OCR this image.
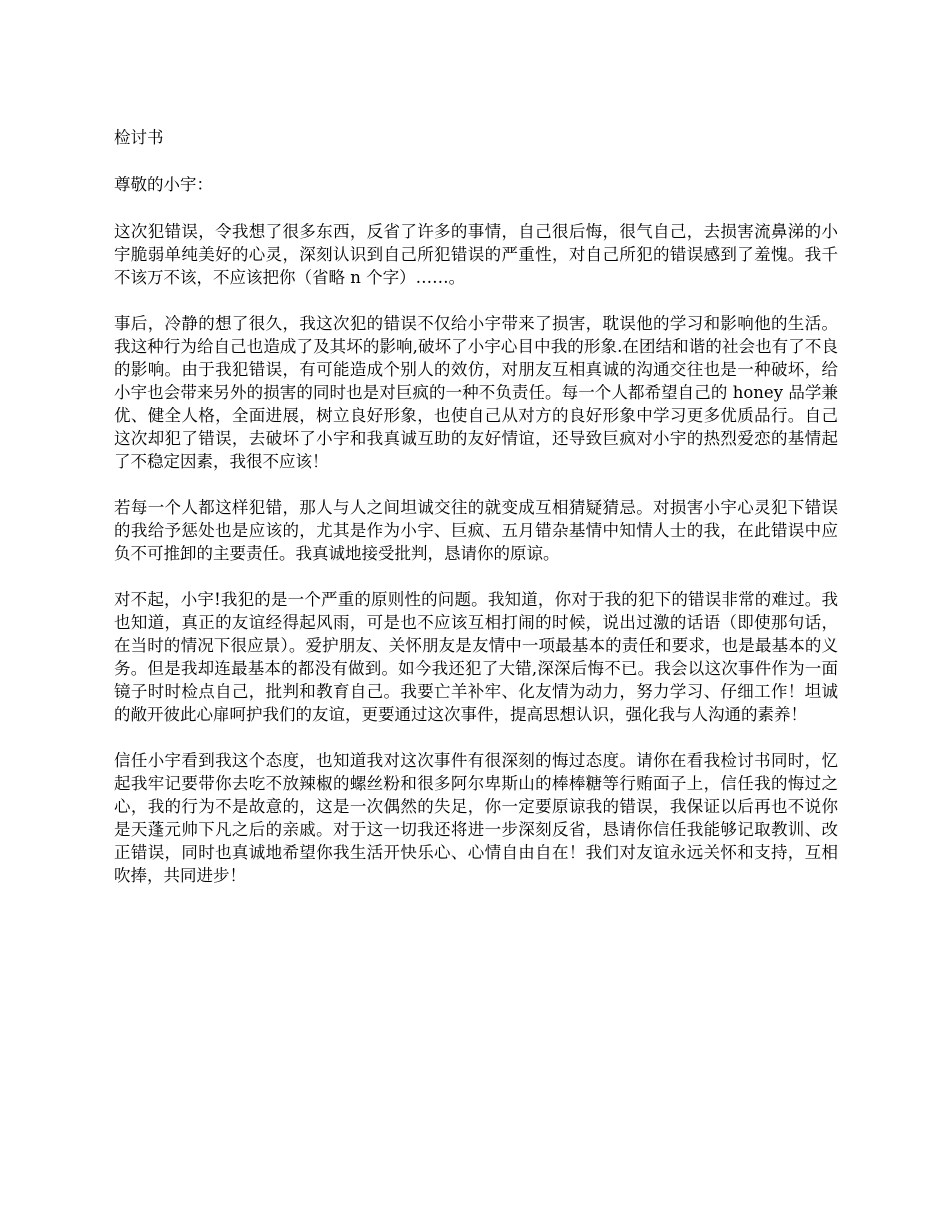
检讨书
尊敬的小宇：

这次犯错误，令我想了很多东西，反省了许多的事情，自己很后悔，很气自己，去损害流鼻涕的小宇脆弱单纯美好的心灵，深刻认识到自己所犯错误的严重性，对自己所犯的错误感到了羞愧。我千不该万不该，不应该把你（省略 n 个字）……。

事后，冷静的想了很久，我这次犯的错误不仅给小宇带来了损害，耽误他的学习和影响他的生活。我这种行为给自己也造成了及其坏的影响,破坏了小宇心目中我的形象.在团结和谐的社会也有了不良的影响。由于我犯错误，有可能造成个别人的效仿，对朋友互相真诚的沟通交往也是一种破坏，给小宇也会带来另外的损害的同时也是对巨疯的一种不负责任。每一个人都希望自己的 honey 品学兼优、健全人格，全面进展，树立良好形象，也使自己从对方的良好形象中学习更多优质品行。自己这次却犯了错误，去破坏了小宇和我真诚互助的友好情谊，还导致巨疯对小宇的热烈爱恋的基情起了不稳定因素，我很不应该！

若每一个人都这样犯错，那人与人之间坦诚交往的就变成互相猜疑猜忌。对损害小宇心灵犯下错误的我给予惩处也是应该的，尤其是作为小宇、巨疯、五月错杂基情中知情人士的我，在此错误中应负不可推卸的主要责任。我真诚地接受批判，恳请你的原谅。

对不起，小宇!我犯的是一个严重的原则性的问题。我知道，你对于我的犯下的错误非常的难过。我也知道，真正的友谊经得起风雨，可是也不应该互相打闹的时候，说出过激的话语（即使那句话，在当时的情况下很应景）。爱护朋友、关怀朋友是友情中一项最基本的责任和要求，也是最基本的义务。但是我却连最基本的都没有做到。如今我还犯了大错,深深后悔不已。我会以这次事件作为一面镜子时时检点自己，批判和教育自己。我要亡羊补牢、化友情为动力，努力学习、仔细工作！坦诚的敞开彼此心扉呵护我们的友谊，更要通过这次事件，提高思想认识，强化我与人沟通的素养！

信任小宇看到我这个态度，也知道我对这次事件有很深刻的悔过态度。请你在看我检讨书同时，忆起我牢记要带你去吃不放辣椒的螺丝粉和很多阿尔卑斯山的棒棒糖等行贿面子上，信任我的悔过之心，我的行为不是故意的，这是一次偶然的失足，你一定要原谅我的错误，我保证以后再也不说你是天蓬元帅下凡之后的亲戚。对于这一切我还将进一步深刻反省，恳请你信任我能够记取教训、改正错误，同时也真诚地希望你我生活开快乐心、心情自由自在！我们对友谊永远关怀和支持，互相吹捧，共同进步！
